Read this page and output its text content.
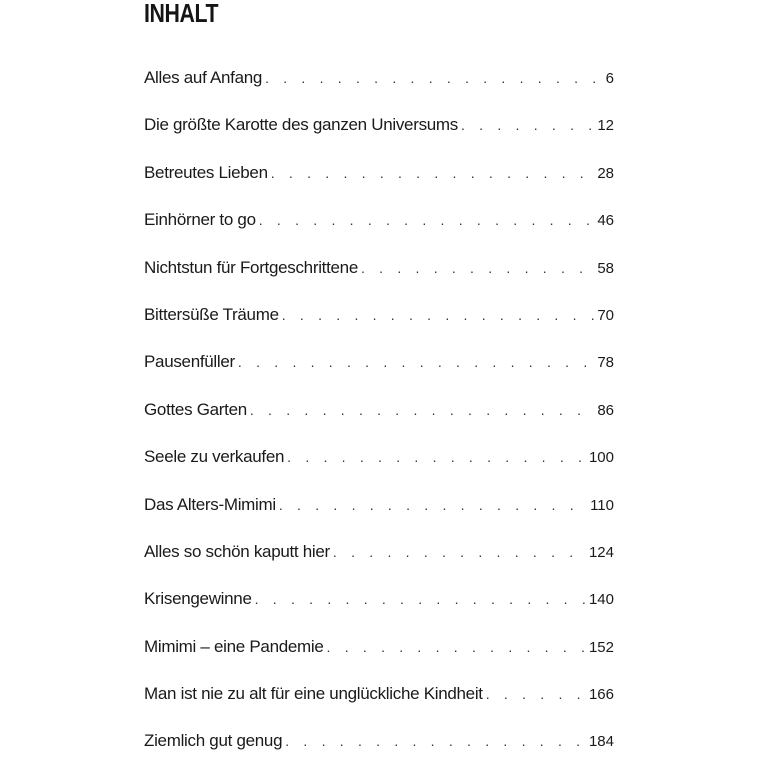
INHALT
Alles auf Anfang . . .	6
Die größte Karotte des ganzen Universums . . .	12
Betreutes Lieben . . .	28
Einhörner to go . . .	46
Nichtstun für Fortgeschrittene . . .	58
Bittersüße Träume . . .	70
Pausenfüller . . .	78
Gottes Garten . . .	86
Seele zu verkaufen . . .	100
Das Alters-Mimimi . . .	110
Alles so schön kaputt hier . . .	124
Krisengewinne . . .	140
Mimimi – eine Pandemie . . .	152
Man ist nie zu alt für eine unglückliche Kindheit . . .	166
Ziemlich gut genug . . .	184
